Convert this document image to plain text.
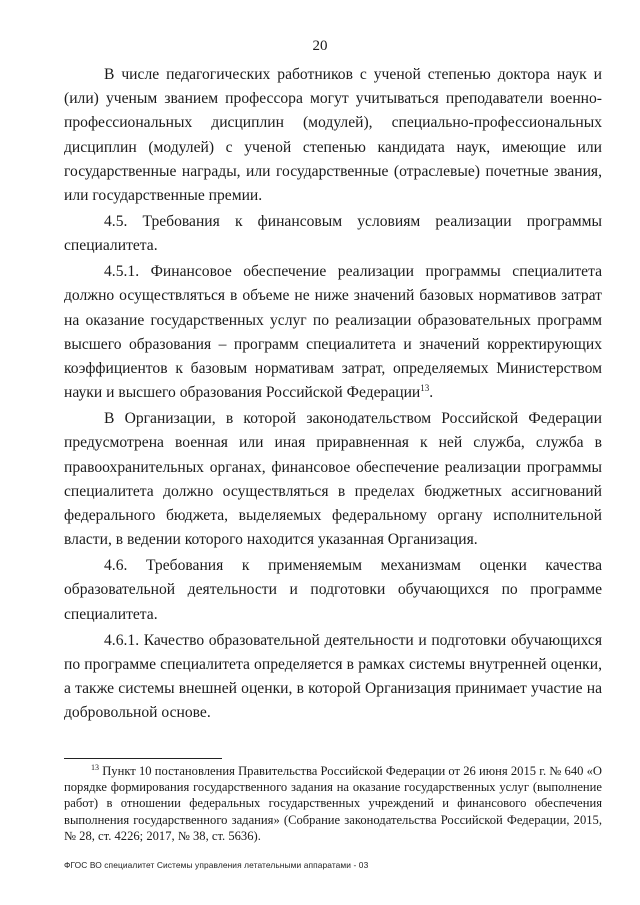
20

В числе педагогических работников с ученой степенью доктора наук и (или) ученым званием профессора могут учитываться преподаватели военно-профессиональных дисциплин (модулей), специально-профессиональных дисциплин (модулей) с ученой степенью кандидата наук, имеющие или государственные награды, или государственные (отраслевые) почетные звания, или государственные премии.

4.5. Требования к финансовым условиям реализации программы специалитета.

4.5.1. Финансовое обеспечение реализации программы специалитета должно осуществляться в объеме не ниже значений базовых нормативов затрат на оказание государственных услуг по реализации образовательных программ высшего образования – программ специалитета и значений корректирующих коэффициентов к базовым нормативам затрат, определяемых Министерством науки и высшего образования Российской Федерации$^{13}$.

В Организации, в которой законодательством Российской Федерации предусмотрена военная или иная приравненная к ней служба, служба в правоохранительных органах, финансовое обеспечение реализации программы специалитета должно осуществляться в пределах бюджетных ассигнований федерального бюджета, выделяемых федеральному органу исполнительной власти, в ведении которого находится указанная Организация.

4.6. Требования к применяемым механизмам оценки качества образовательной деятельности и подготовки обучающихся по программе специалитета.

4.6.1. Качество образовательной деятельности и подготовки обучающихся по программе специалитета определяется в рамках системы внутренней оценки, а также системы внешней оценки, в которой Организация принимает участие на добровольной основе.

$^{13}$ Пункт 10 постановления Правительства Российской Федерации от 26 июня 2015 г. № 640 «О порядке формирования государственного задания на оказание государственных услуг (выполнение работ) в отношении федеральных государственных учреждений и финансового обеспечения выполнения государственного задания» (Собрание законодательства Российской Федерации, 2015, № 28, ст. 4226; 2017, № 38, ст. 5636).

ФГОС ВО специалитет Системы управления летательными аппаратами - 03
